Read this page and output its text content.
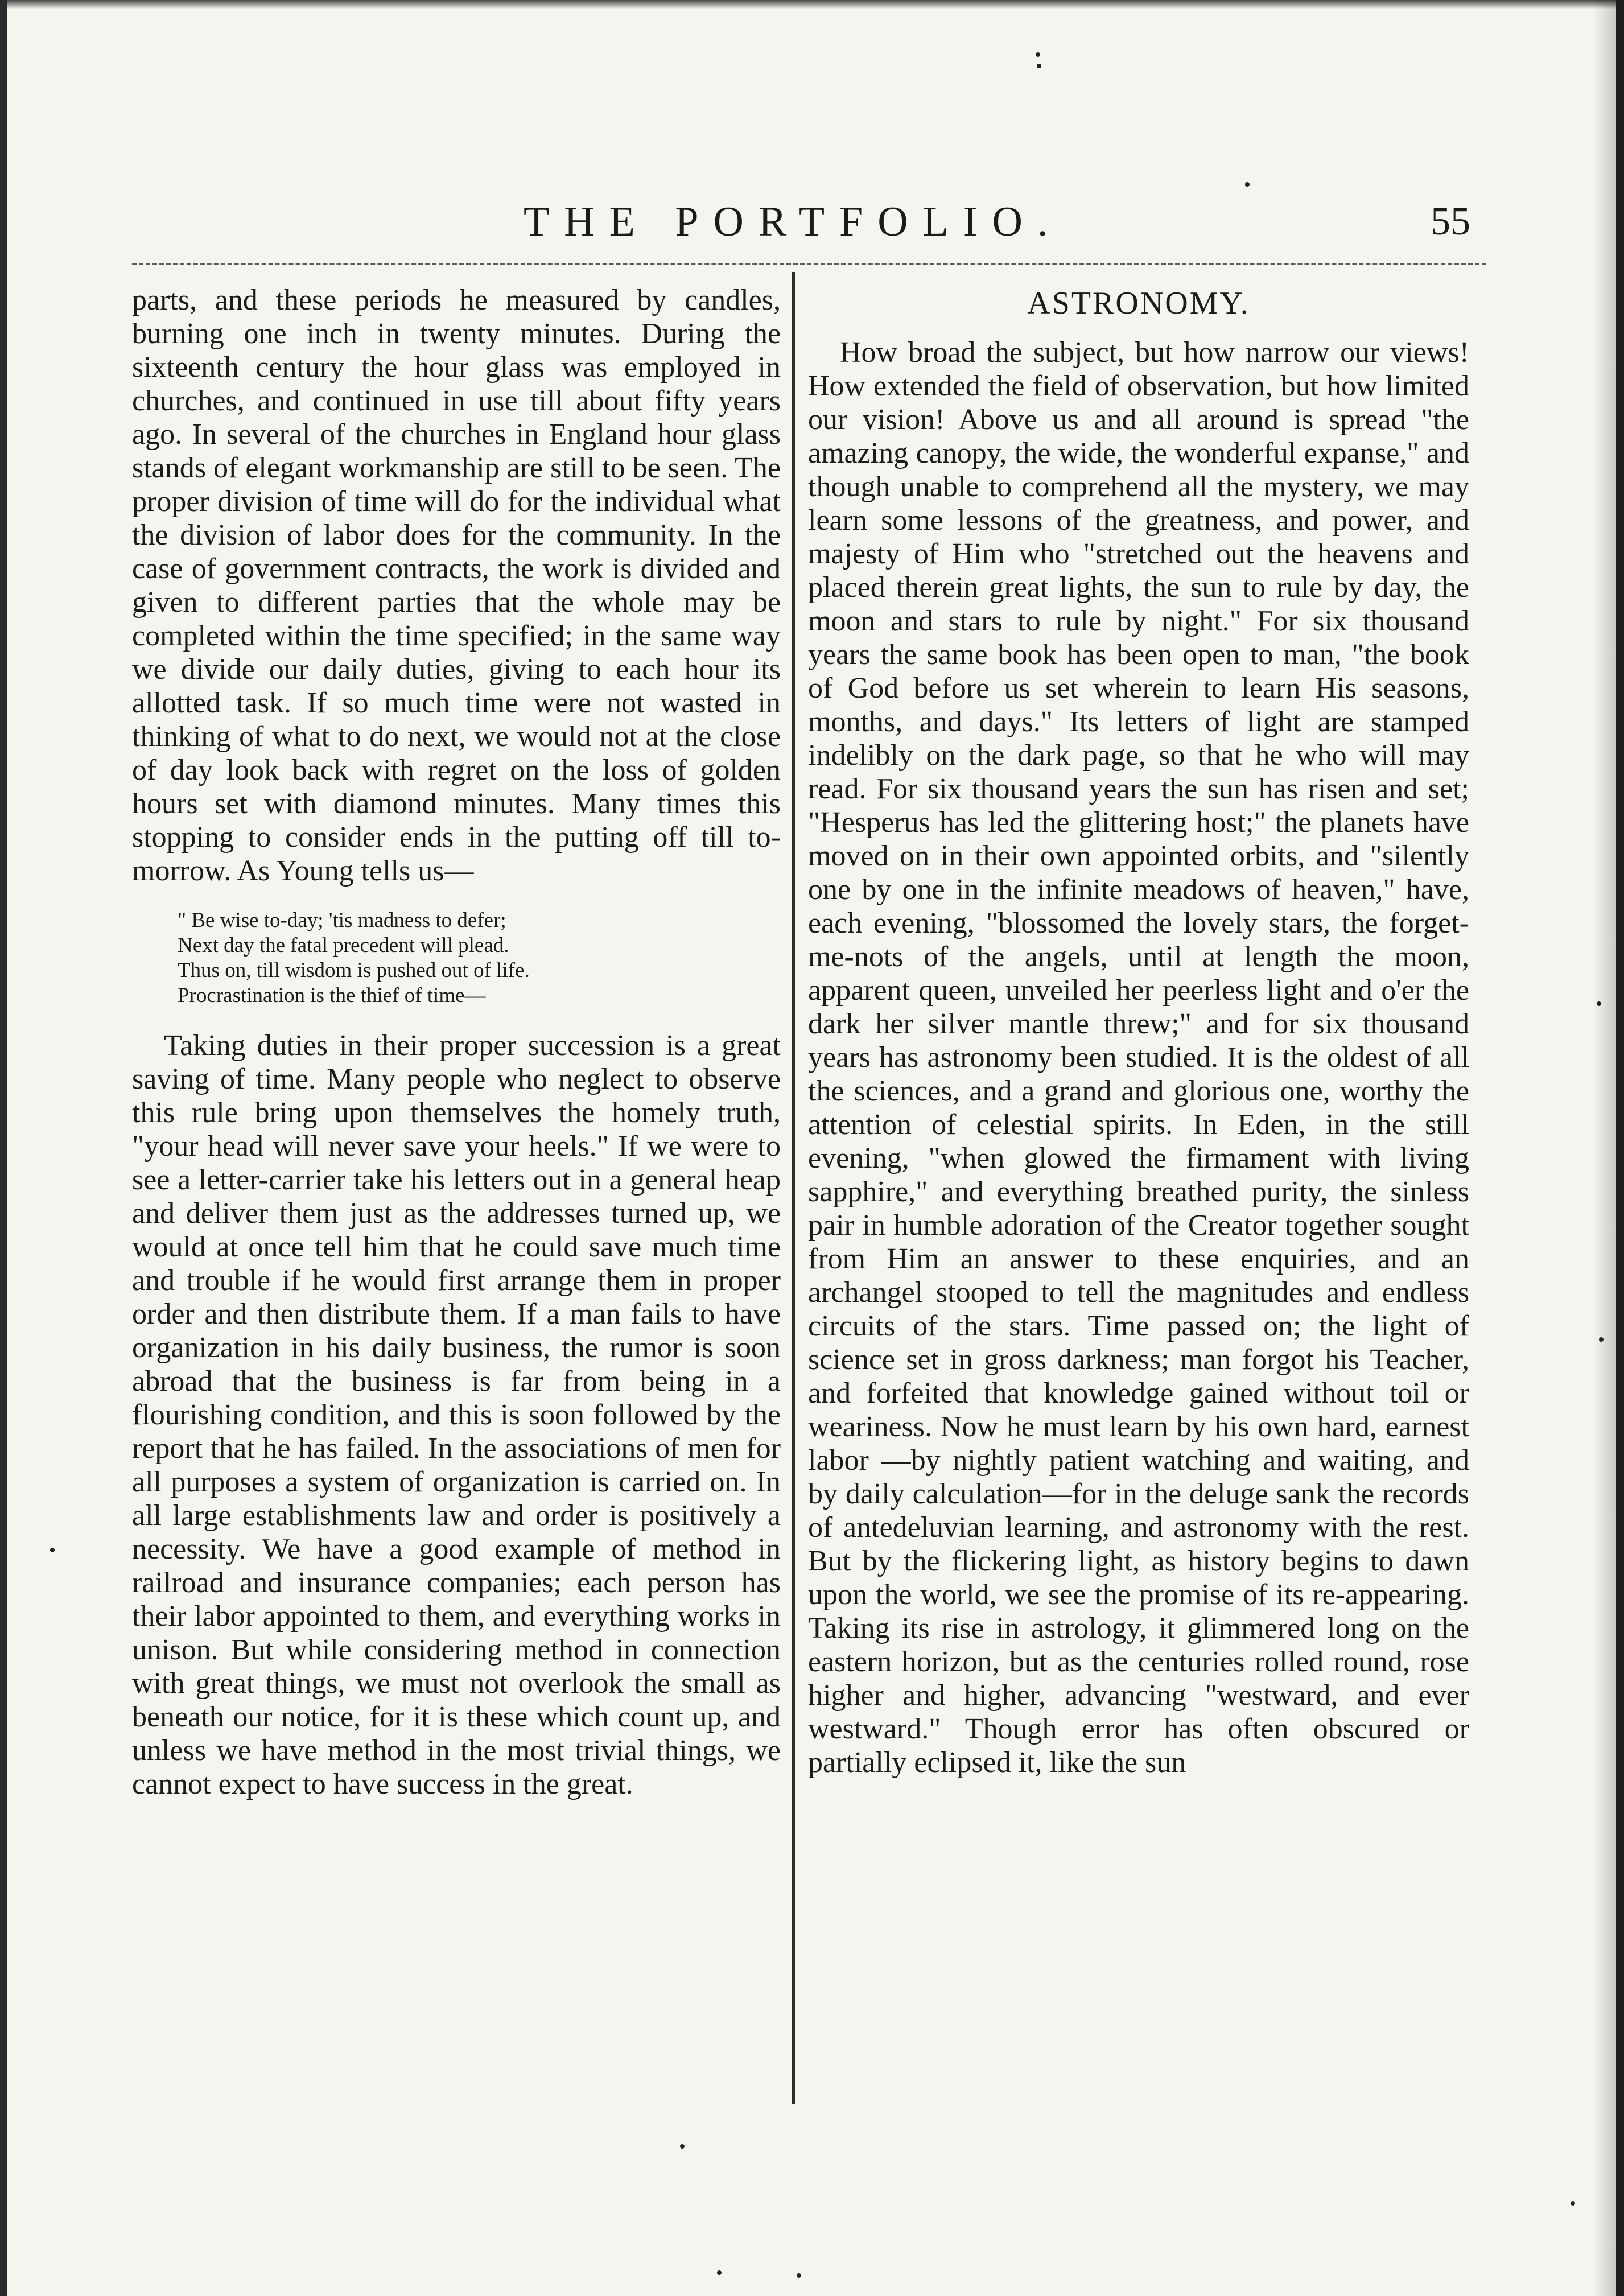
THE PORTFOLIO.	55

parts, and these periods he measured by candles, burning one inch in twenty minutes. During the sixteenth century the hour glass was employed in churches, and continued in use till about fifty years ago. In several of the churches in England hour glass stands of elegant workmanship are still to be seen. The proper division of time will do for the individual what the division of labor does for the community. In the case of government contracts, the work is divided and given to different parties that the whole may be completed within the time specified; in the same way we divide our daily duties, giving to each hour its allotted task. If so much time were not wasted in thinking of what to do next, we would not at the close of day look back with regret on the loss of golden hours set with diamond minutes. Many times this stopping to consider ends in the putting off till to-morrow. As Young tells us—

" Be wise to-day; 'tis madness to defer;
Next day the fatal precedent will plead.
Thus on, till wisdom is pushed out of life.
Procrastination is the thief of time—

Taking duties in their proper succession is a great saving of time. Many people who neglect to observe this rule bring upon themselves the homely truth, "your head will never save your heels." If we were to see a letter-carrier take his letters out in a general heap and deliver them just as the addresses turned up, we would at once tell him that he could save much time and trouble if he would first arrange them in proper order and then distribute them. If a man fails to have organization in his daily business, the rumor is soon abroad that the business is far from being in a flourishing condition, and this is soon followed by the report that he has failed. In the associations of men for all purposes a system of organization is carried on. In all large establishments law and order is positively a necessity. We have a good example of method in railroad and insurance companies; each person has their labor appointed to them, and everything works in unison. But while considering method in connection with great things, we must not overlook the small as beneath our notice, for it is these which count up, and unless we have method in the most trivial things, we cannot expect to have success in the great.

ASTRONOMY.

How broad the subject, but how narrow our views! How extended the field of observation, but how limited our vision! Above us and all around is spread "the amazing canopy, the wide, the wonderful expanse," and though unable to comprehend all the mystery, we may learn some lessons of the greatness, and power, and majesty of Him who "stretched out the heavens and placed therein great lights, the sun to rule by day, the moon and stars to rule by night." For six thousand years the same book has been open to man, "the book of God before us set wherein to learn His seasons, months, and days." Its letters of light are stamped indelibly on the dark page, so that he who will may read. For six thousand years the sun has risen and set; "Hesperus has led the glittering host;" the planets have moved on in their own appointed orbits, and "silently one by one in the infinite meadows of heaven," have, each evening, "blossomed the lovely stars, the forget-me-nots of the angels, until at length the moon, apparent queen, unveiled her peerless light and o'er the dark her silver mantle threw;" and for six thousand years has astronomy been studied. It is the oldest of all the sciences, and a grand and glorious one, worthy the attention of celestial spirits. In Eden, in the still evening, "when glowed the firmament with living sapphire," and everything breathed purity, the sinless pair in humble adoration of the Creator together sought from Him an answer to these enquiries, and an archangel stooped to tell the magnitudes and endless circuits of the stars. Time passed on; the light of science set in gross darkness; man forgot his Teacher, and forfeited that knowledge gained without toil or weariness. Now he must learn by his own hard, earnest labor —by nightly patient watching and waiting, and by daily calculation—for in the deluge sank the records of antedeluvian learning, and astronomy with the rest. But by the flickering light, as history begins to dawn upon the world, we see the promise of its re-appearing. Taking its rise in astrology, it glimmered long on the eastern horizon, but as the centuries rolled round, rose higher and higher, advancing "westward, and ever westward." Though error has often obscured or partially eclipsed it, like the sun
